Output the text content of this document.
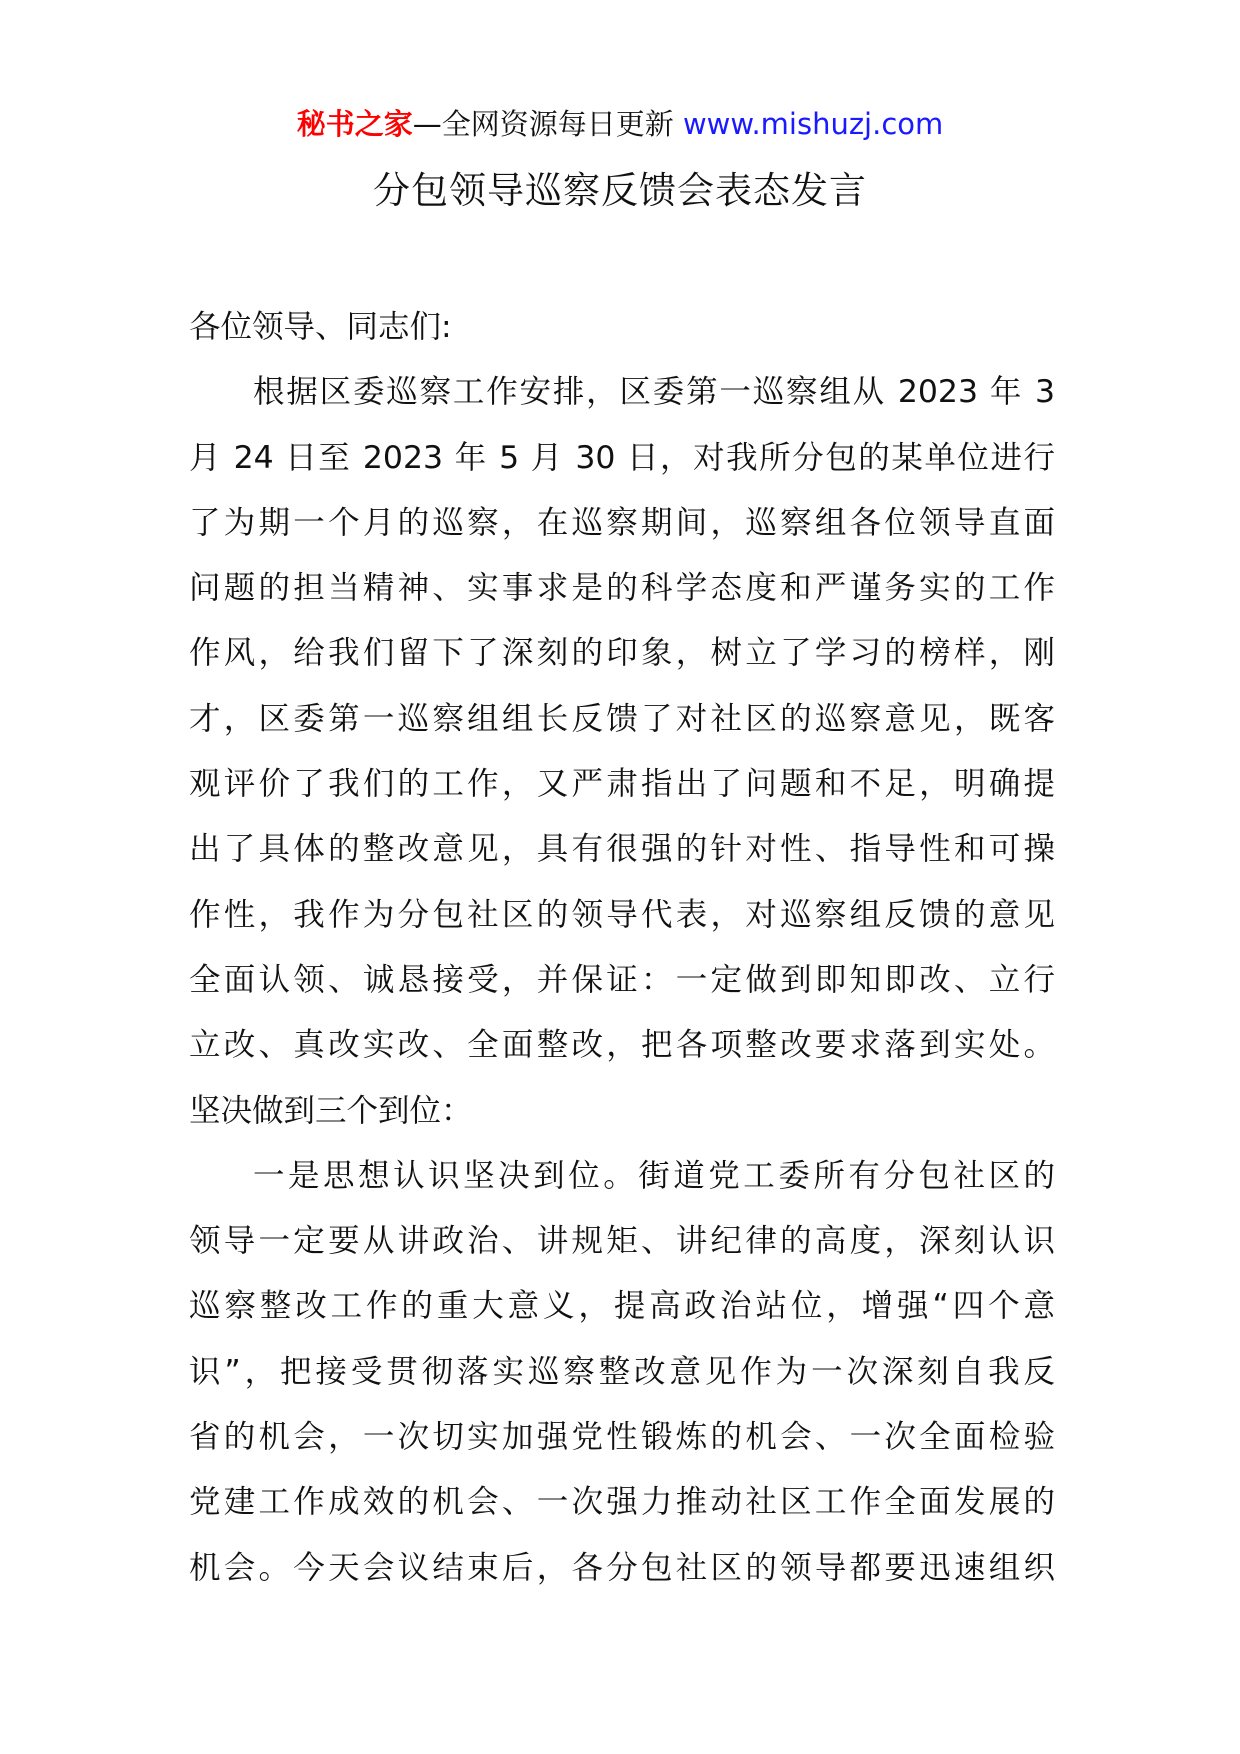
秘书之家—全网资源每日更新 www.mishuzj.com
分包领导巡察反馈会表态发言
各位领导、同志们:
根据区委巡察工作安排，区委第一巡察组从 2023 年 3
月 24 日至 2023 年 5 月 30 日，对我所分包的某单位进行
了为期一个月的巡察，在巡察期间，巡察组各位领导直面
问题的担当精神、实事求是的科学态度和严谨务实的工作
作风，给我们留下了深刻的印象，树立了学习的榜样，刚
才，区委第一巡察组组长反馈了对社区的巡察意见，既客
观评价了我们的工作，又严肃指出了问题和不足，明确提
出了具体的整改意见，具有很强的针对性、指导性和可操
作性，我作为分包社区的领导代表，对巡察组反馈的意见
全面认领、诚恳接受，并保证：一定做到即知即改、立行
立改、真改实改、全面整改，把各项整改要求落到实处。
坚决做到三个到位：
一是思想认识坚决到位。街道党工委所有分包社区的
领导一定要从讲政治、讲规矩、讲纪律的高度，深刻认识
巡察整改工作的重大意义，提高政治站位，增强“四个意
识”，把接受贯彻落实巡察整改意见作为一次深刻自我反
省的机会，一次切实加强党性锻炼的机会、一次全面检验
党建工作成效的机会、一次强力推动社区工作全面发展的
机会。今天会议结束后，各分包社区的领导都要迅速组织
